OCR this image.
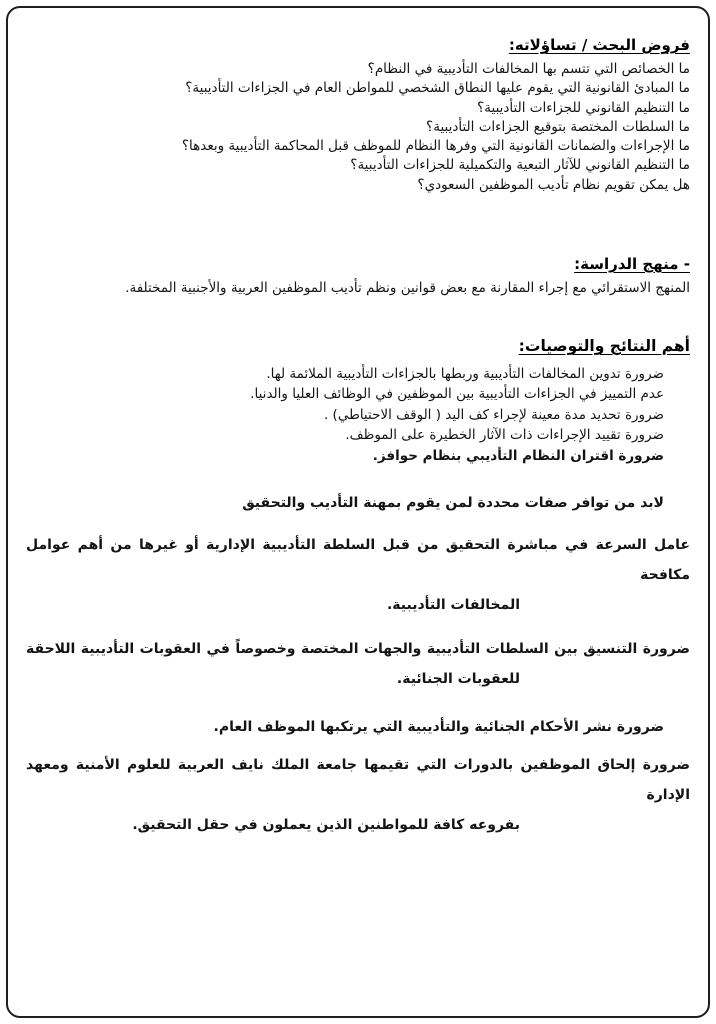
فروض البحث / تساؤلاته:
ما الخصائص التي تتسم بها المخالفات التأديبية في النظام؟
ما المبادئ القانونية التي يقوم عليها النطاق الشخصي للمواطن العام في الجزاءات التأديبية؟
ما التنظيم القانوني للجزاءات التأديبية؟
ما السلطات المختصة بتوقيع الجزاءات التأديبية؟
ما الإجراءات والضمانات القانونية التي وفرها النظام للموظف قبل المحاكمة التأديبية وبعدها؟
ما التنظيم القانوني للآثار التبعية والتكميلية للجزاءات التأديبية؟
هل يمكن تقويم نظام تأديب الموظفين السعودي؟
- منهج الدراسة:
المنهج الاستقرائي مع إجراء المقارنة مع بعض قوانين ونظم تأديب الموظفين العربية والأجنبية المختلفة.
أهم النتائج والتوصيات:
ضرورة تدوين المخالفات التأديبية وربطها بالجزاءات التأديبية الملائمة لها.
عدم التمييز في الجزاءات التأديبية بين الموظفين في الوظائف العليا والدنيا.
ضرورة تحديد مدة معينة لإجراء كف اليد ( الوقف الاحتياطي) .
ضرورة تقييد الإجراءات ذات الآثار الخطيرة على الموظف.
ضرورة اقتران النظام التأديبي بنظام حوافز.
لابد من توافر صفات محددة لمن يقوم بمهنة التأديب والتحقيق
عامل السرعة في مباشرة التحقيق من قبل السلطة التأديبية الإدارية أو غيرها من أهم عوامل مكافحة
المخالفات التأديبية.
ضرورة التنسيق بين السلطات التأديبية والجهات المختصة وخصوصاً في العقوبات التأديبية اللاحقة
للعقوبات الجنائية.
ضرورة نشر الأحكام الجنائية والتأديبية التي يرتكبها الموظف العام.
ضرورة إلحاق الموظفين بالدورات التي تقيمها جامعة الملك نايف العربية للعلوم الأمنية ومعهد الإدارة
بفروعه كافة للمواطنين الذين يعملون في حقل التحقيق.
